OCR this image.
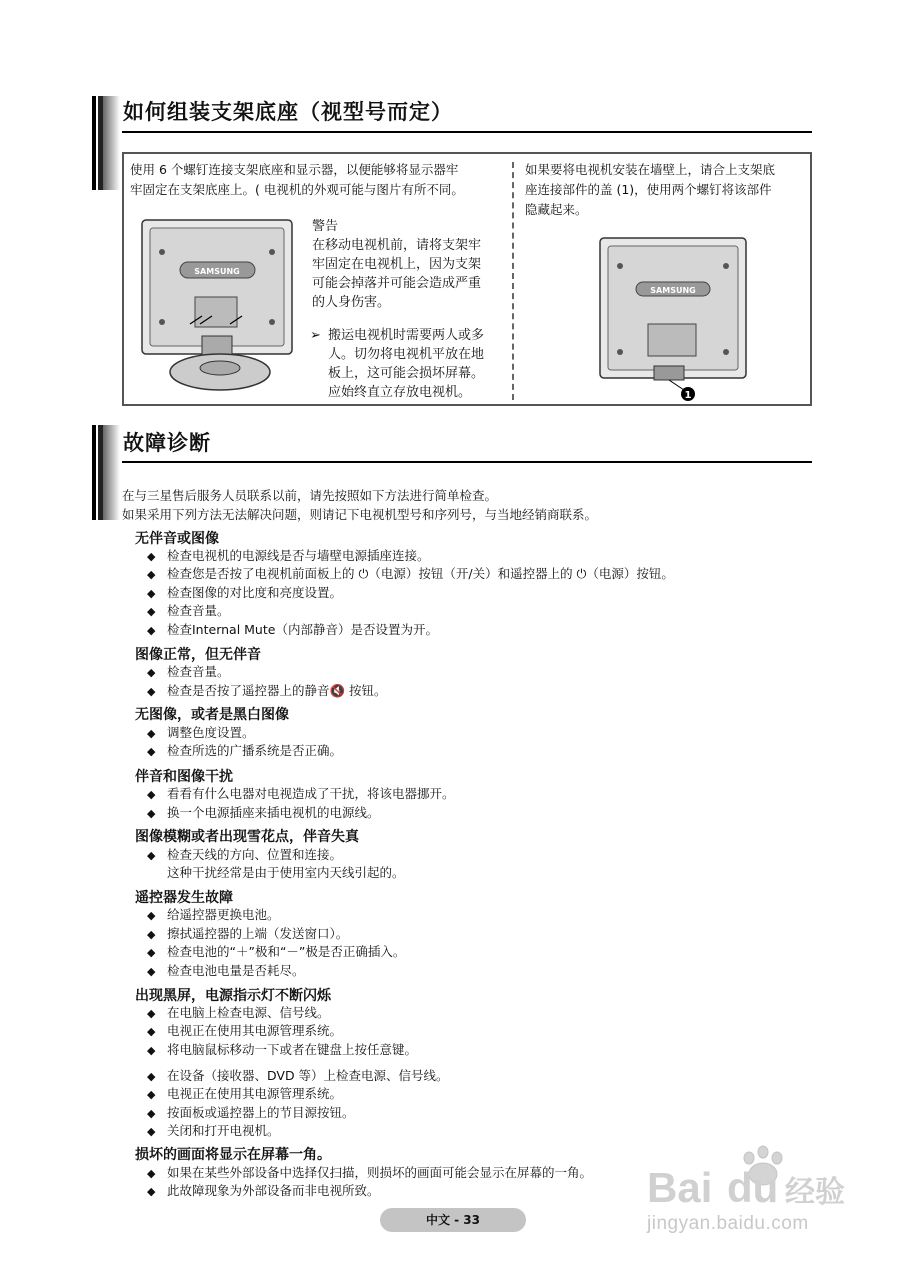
如何组装支架底座（视型号而定）
使用 6 个螺钉连接支架底座和显示器，以便能够将显示器牢
牢固定在支架底座上。( 电视机的外观可能与图片有所不同。
SAMSUNG
警告
在移动电视机前，请将支架牢
牢固定在电视机上，因为支架
可能会掉落并可能会造成严重
的人身伤害。
➢ 搬运电视机时需要两人或多
人。切勿将电视机平放在地
板上，这可能会损坏屏幕。
应始终直立存放电视机。
如果要将电视机安装在墙壁上，请合上支架底
座连接部件的盖 (1)，使用两个螺钉将该部件
隐藏起来。
SAMSUNG
1
故障诊断
在与三星售后服务人员联系以前，请先按照如下方法进行简单检查。
如果采用下列方法无法解决问题，则请记下电视机型号和序列号，与当地经销商联系。
无伴音或图像
◆ 检查电视机的电源线是否与墙壁电源插座连接。
◆ 检查您是否按了电视机前面板上的 ⏻（电源）按钮（开/关）和遥控器上的 ⏻（电源）按钮。
◆ 检查图像的对比度和亮度设置。
◆ 检查音量。
◆ 检查Internal Mute（内部静音）是否设置为开。
图像正常，但无伴音
◆ 检查音量。
◆ 检查是否按了遥控器上的静音🔇 按钮。
无图像，或者是黑白图像
◆ 调整色度设置。
◆ 检查所选的广播系统是否正确。
伴音和图像干扰
◆ 看看有什么电器对电视造成了干扰，将该电器挪开。
◆ 换一个电源插座来插电视机的电源线。
图像模糊或者出现雪花点，伴音失真
◆ 检查天线的方向、位置和连接。
这种干扰经常是由于使用室内天线引起的。
遥控器发生故障
◆ 给遥控器更换电池。
◆ 擦拭遥控器的上端（发送窗口）。
◆ 检查电池的“＋”极和“－”极是否正确插入。
◆ 检查电池电量是否耗尽。
出现黑屏，电源指示灯不断闪烁
◆ 在电脑上检查电源、信号线。
◆ 电视正在使用其电源管理系统。
◆ 将电脑鼠标移动一下或者在键盘上按任意键。
◆ 在设备（接收器、DVD 等）上检查电源、信号线。
◆ 电视正在使用其电源管理系统。
◆ 按面板或遥控器上的节目源按钮。
◆ 关闭和打开电视机。
损坏的画面将显示在屏幕一角。
◆ 如果在某些外部设备中选择仅扫描，则损坏的画面可能会显示在屏幕的一角。
◆ 此故障现象为外部设备而非电视所致。
中文 - 33
Bai du 经验
jingyan.baidu.com
